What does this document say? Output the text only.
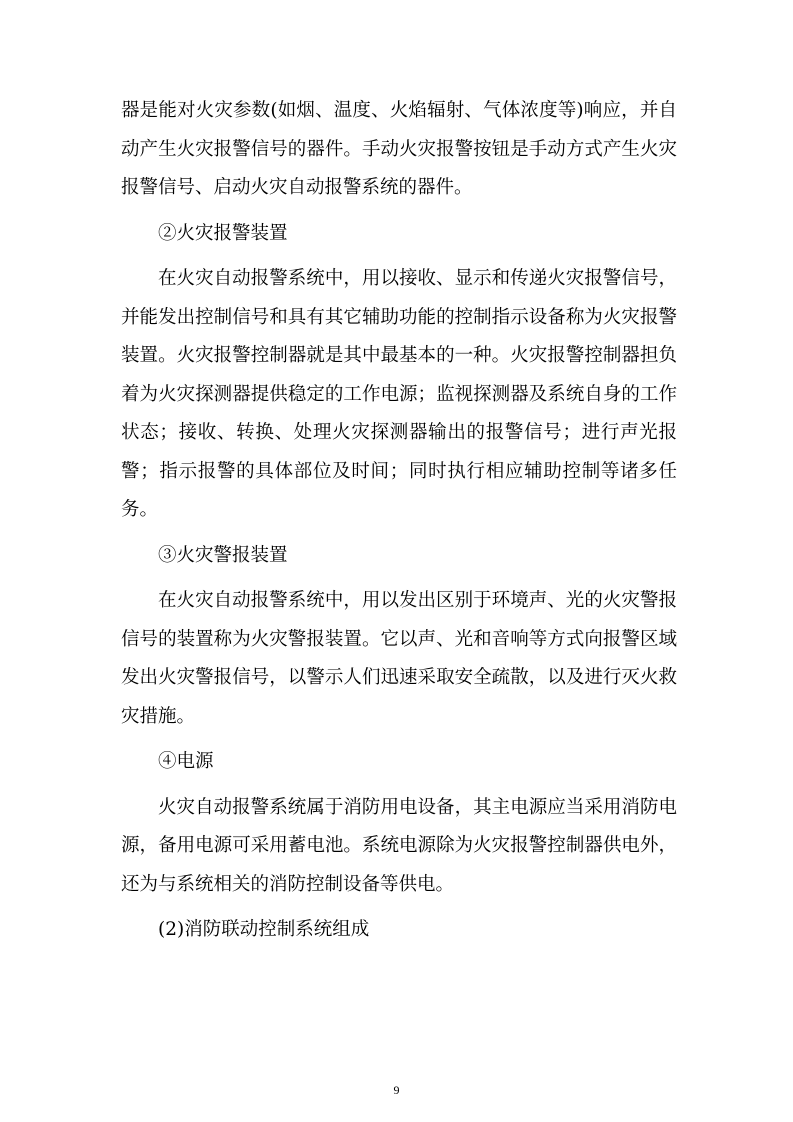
器是能对火灾参数(如烟、温度、火焰辐射、气体浓度等)响应，并自动产生火灾报警信号的器件。手动火灾报警按钮是手动方式产生火灾报警信号、启动火灾自动报警系统的器件。

②火灾报警装置

在火灾自动报警系统中，用以接收、显示和传递火灾报警信号，并能发出控制信号和具有其它辅助功能的控制指示设备称为火灾报警装置。火灾报警控制器就是其中最基本的一种。火灾报警控制器担负着为火灾探测器提供稳定的工作电源；监视探测器及系统自身的工作状态；接收、转换、处理火灾探测器输出的报警信号；进行声光报警；指示报警的具体部位及时间；同时执行相应辅助控制等诸多任务。

③火灾警报装置

在火灾自动报警系统中，用以发出区别于环境声、光的火灾警报信号的装置称为火灾警报装置。它以声、光和音响等方式向报警区域发出火灾警报信号，以警示人们迅速采取安全疏散，以及进行灭火救灾措施。

④电源

火灾自动报警系统属于消防用电设备，其主电源应当采用消防电源，备用电源可采用蓄电池。系统电源除为火灾报警控制器供电外，还为与系统相关的消防控制设备等供电。

(2)消防联动控制系统组成

9
